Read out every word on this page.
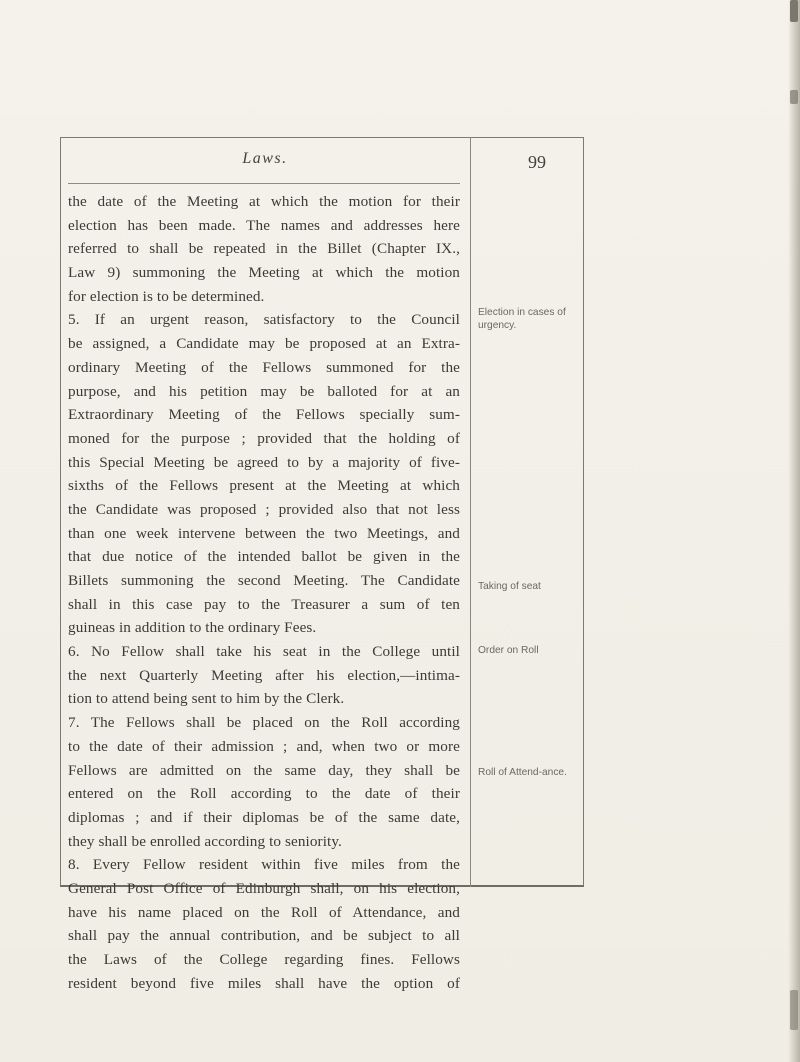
Laws.	99
the date of the Meeting at which the motion for their
election has been made. The names and addresses here
referred to shall be repeated in the Billet (Chapter IX.,
Law 9) summoning the Meeting at which the motion
for election is to be determined.
5. If an urgent reason, satisfactory to the Council
be assigned, a Candidate may be proposed at an Extra-
ordinary Meeting of the Fellows summoned for the
purpose, and his petition may be balloted for at an
Extraordinary Meeting of the Fellows specially sum-
moned for the purpose ; provided that the holding of
this Special Meeting be agreed to by a majority of five-
sixths of the Fellows present at the Meeting at which
the Candidate was proposed ; provided also that not less
than one week intervene between the two Meetings, and
that due notice of the intended ballot be given in the
Billets summoning the second Meeting. The Candidate
shall in this case pay to the Treasurer a sum of ten
guineas in addition to the ordinary Fees.
6. No Fellow shall take his seat in the College until
the next Quarterly Meeting after his election,—intima-
tion to attend being sent to him by the Clerk.
7. The Fellows shall be placed on the Roll according
to the date of their admission ; and, when two or more
Fellows are admitted on the same day, they shall be
entered on the Roll according to the date of their
diplomas ; and if their diplomas be of the same date,
they shall be enrolled according to seniority.
8. Every Fellow resident within five miles from the
General Post Office of Edinburgh shall, on his election,
have his name placed on the Roll of Attendance, and
shall pay the annual contribution, and be subject to all
the Laws of the College regarding fines. Fellows
resident beyond five miles shall have the option of
Election in cases of urgency.
Taking of seat
Order on Roll
Roll of Attend-ance.
